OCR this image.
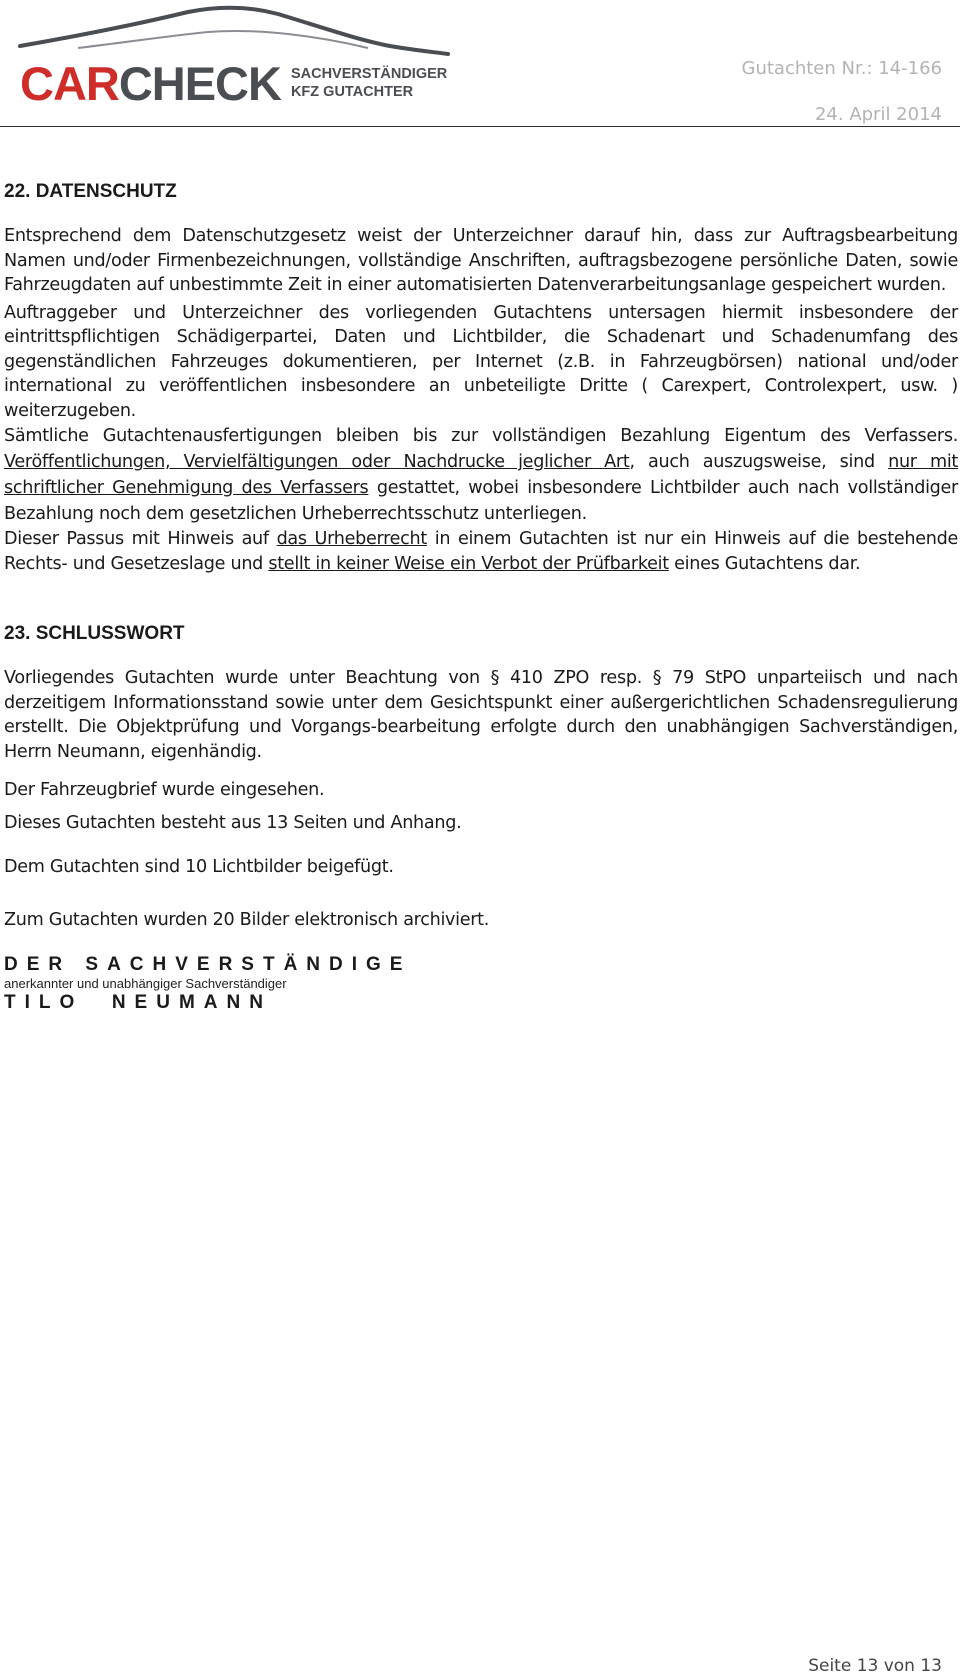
CAR CHECK SACHVERSTÄNDIGER
KFZ GUTACHTER
Gutachten Nr.: 14-166
24. April 2014
22. DATENSCHUTZ

Entsprechend dem Datenschutzgesetz weist der Unterzeichner darauf hin, dass zur Auftragsbearbeitung Namen und/oder Firmenbezeichnungen, vollständige Anschriften, auftragsbezogene persönliche Daten, sowie Fahrzeugdaten auf unbestimmte Zeit in einer automatisierten Datenverarbeitungsanlage gespeichert wurden.

Auftraggeber und Unterzeichner des vorliegenden Gutachtens untersagen hiermit insbesondere der eintrittspflichtigen Schädigerpartei, Daten und Lichtbilder, die Schadenart und Schadenumfang des gegenständlichen Fahrzeuges dokumentieren, per Internet (z.B. in Fahrzeugbörsen) national und/oder international zu veröffentlichen insbesondere an unbeteiligte Dritte ( Carexpert, Controlexpert, usw. ) weiterzugeben.

Sämtliche Gutachtenausfertigungen bleiben bis zur vollständigen Bezahlung Eigentum des Verfassers. Veröffentlichungen, Vervielfältigungen oder Nachdrucke jeglicher Art, auch auszugsweise, sind nur mit schriftlicher Genehmigung des Verfassers gestattet, wobei insbesondere Lichtbilder auch nach vollständiger Bezahlung noch dem gesetzlichen Urheberrechtsschutz unterliegen.

Dieser Passus mit Hinweis auf das Urheberrecht in einem Gutachten ist nur ein Hinweis auf die bestehende Rechts- und Gesetzeslage und stellt in keiner Weise ein Verbot der Prüfbarkeit eines Gutachtens dar.

23. SCHLUSSWORT

Vorliegendes Gutachten wurde unter Beachtung von § 410 ZPO resp. § 79 StPO unparteiisch und nach derzeitigem Informationsstand sowie unter dem Gesichtspunkt einer außergerichtlichen Schadensregulierung erstellt. Die Objektprüfung und Vorgangs-bearbeitung erfolgte durch den unabhängigen Sachverständigen, Herrn Neumann, eigenhändig.

Der Fahrzeugbrief wurde eingesehen.

Dieses Gutachten besteht aus 13 Seiten und Anhang.

Dem Gutachten sind 10 Lichtbilder beigefügt.

Zum Gutachten wurden 20 Bilder elektronisch archiviert.

DER SACHVERSTÄNDIGE

anerkannter und unabhängiger Sachverständiger

TILO  NEUMANN

Seite 13 von 13
